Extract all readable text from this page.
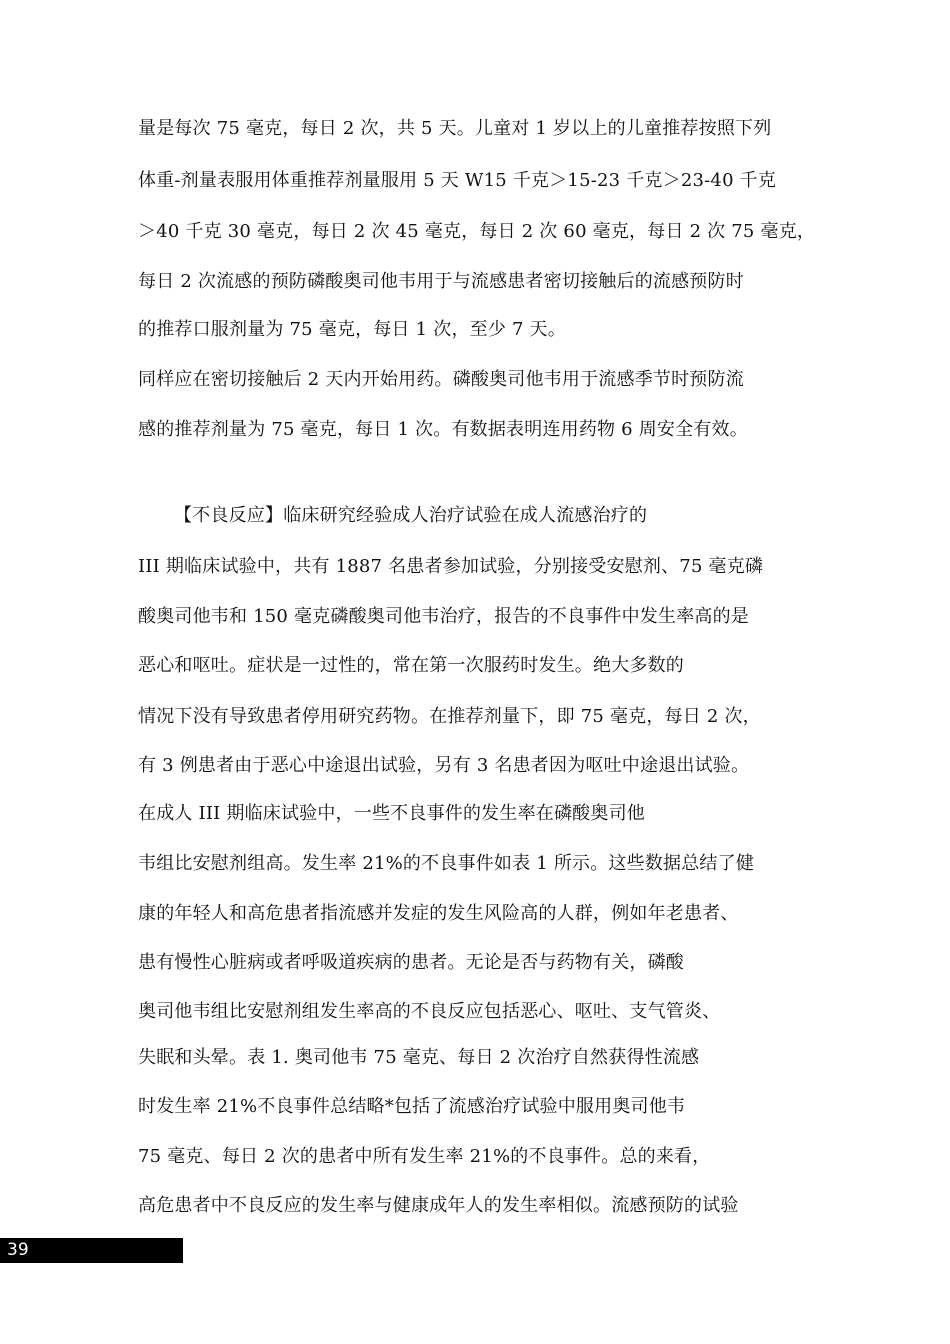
量是每次 75 毫克，每日 2 次，共 5 天。儿童对 1 岁以上的儿童推荐按照下列
体重-剂量表服用体重推荐剂量服用 5 天 W15 千克＞15-23 千克＞23-40 千克
＞40 千克 30 毫克，每日 2 次 45 毫克，每日 2 次 60 毫克，每日 2 次 75 毫克，
每日 2 次流感的预防磷酸奥司他韦用于与流感患者密切接触后的流感预防时
的推荐口服剂量为 75 毫克，每日 1 次，至少 7 天。
同样应在密切接触后 2 天内开始用药。磷酸奥司他韦用于流感季节时预防流
感的推荐剂量为 75 毫克，每日 1 次。有数据表明连用药物 6 周安全有效。
【不良反应】临床研究经验成人治疗试验在成人流感治疗的
III 期临床试验中，共有 1887 名患者参加试验，分别接受安慰剂、75 毫克磷
酸奥司他韦和 150 毫克磷酸奥司他韦治疗，报告的不良事件中发生率高的是
恶心和呕吐。症状是一过性的，常在第一次服药时发生。绝大多数的
情况下没有导致患者停用研究药物。在推荐剂量下，即 75 毫克，每日 2 次，
有 3 例患者由于恶心中途退出试验，另有 3 名患者因为呕吐中途退出试验。
在成人 III 期临床试验中，一些不良事件的发生率在磷酸奥司他
韦组比安慰剂组高。发生率 21%的不良事件如表 1 所示。这些数据总结了健
康的年轻人和高危患者指流感并发症的发生风险高的人群，例如年老患者、
患有慢性心脏病或者呼吸道疾病的患者。无论是否与药物有关，磷酸
奥司他韦组比安慰剂组发生率高的不良反应包括恶心、呕吐、支气管炎、
失眠和头晕。表 1. 奥司他韦 75 毫克、每日 2 次治疗自然获得性流感
时发生率 21%不良事件总结略*包括了流感治疗试验中服用奥司他韦
75 毫克、每日 2 次的患者中所有发生率 21%的不良事件。总的来看，
高危患者中不良反应的发生率与健康成年人的发生率相似。流感预防的试验
39
